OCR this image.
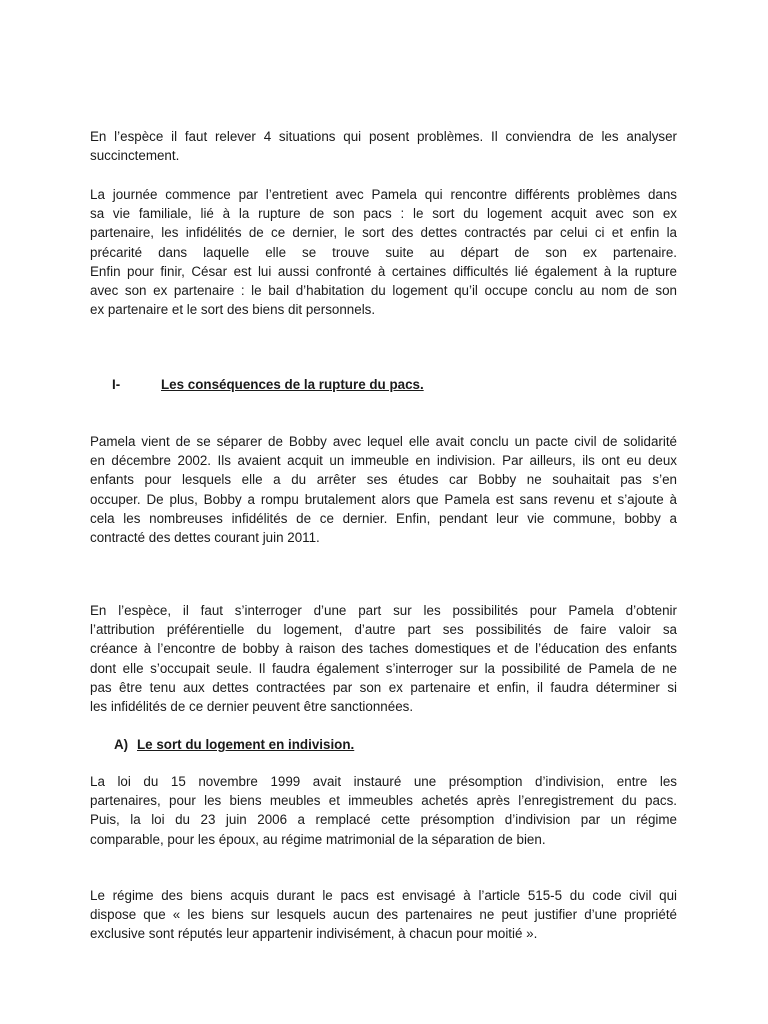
En l’espèce il faut relever 4 situations qui posent problèmes. Il conviendra de les analyser
succinctement.

La journée commence par l’entretient avec Pamela qui rencontre différents problèmes dans
sa vie familiale, lié à la rupture de son pacs : le sort du logement acquit avec son ex
partenaire, les infidélités de ce dernier, le sort des dettes contractés par celui ci et enfin la
précarité dans laquelle elle se trouve suite au départ de son ex partenaire.
Enfin pour finir, César est lui aussi confronté à certaines difficultés lié également à la rupture
avec son ex partenaire : le bail d’habitation du logement qu’il occupe conclu au nom de son
ex partenaire et le sort des biens dit personnels.

I-	Les conséquences de la rupture du pacs.

Pamela vient de se séparer de Bobby avec lequel elle avait conclu un pacte civil de solidarité
en décembre 2002. Ils avaient acquit un immeuble en indivision. Par ailleurs, ils ont eu deux
enfants pour lesquels elle a du arrêter ses études car Bobby ne souhaitait pas s’en
occuper. De plus, Bobby a rompu brutalement alors que Pamela est sans revenu et s’ajoute à
cela les nombreuses infidélités de ce dernier. Enfin, pendant leur vie commune, bobby a
contracté des dettes courant juin 2011.

En l’espèce, il faut s’interroger d’une part sur les possibilités pour Pamela d’obtenir
l’attribution préférentielle du logement, d’autre part ses possibilités de faire valoir sa
créance à l’encontre de bobby à raison des taches domestiques et de l’éducation des enfants
dont elle s’occupait seule. Il faudra également s’interroger sur la possibilité de Pamela de ne
pas être tenu aux dettes contractées par son ex partenaire et enfin, il faudra déterminer si
les infidélités de ce dernier peuvent être sanctionnées.

A) Le sort du logement en indivision.

La loi du 15 novembre 1999 avait instauré une présomption d’indivision, entre les
partenaires, pour les biens meubles et immeubles achetés après l’enregistrement du pacs.
Puis, la loi du 23 juin 2006 a remplacé cette présomption d’indivision par un régime
comparable, pour les époux, au régime matrimonial de la séparation de bien.

Le régime des biens acquis durant le pacs est envisagé à l’article 515-5 du code civil qui
dispose que « les biens sur lesquels aucun des partenaires ne peut justifier d’une propriété
exclusive sont réputés leur appartenir indivisément, à chacun pour moitié ».
